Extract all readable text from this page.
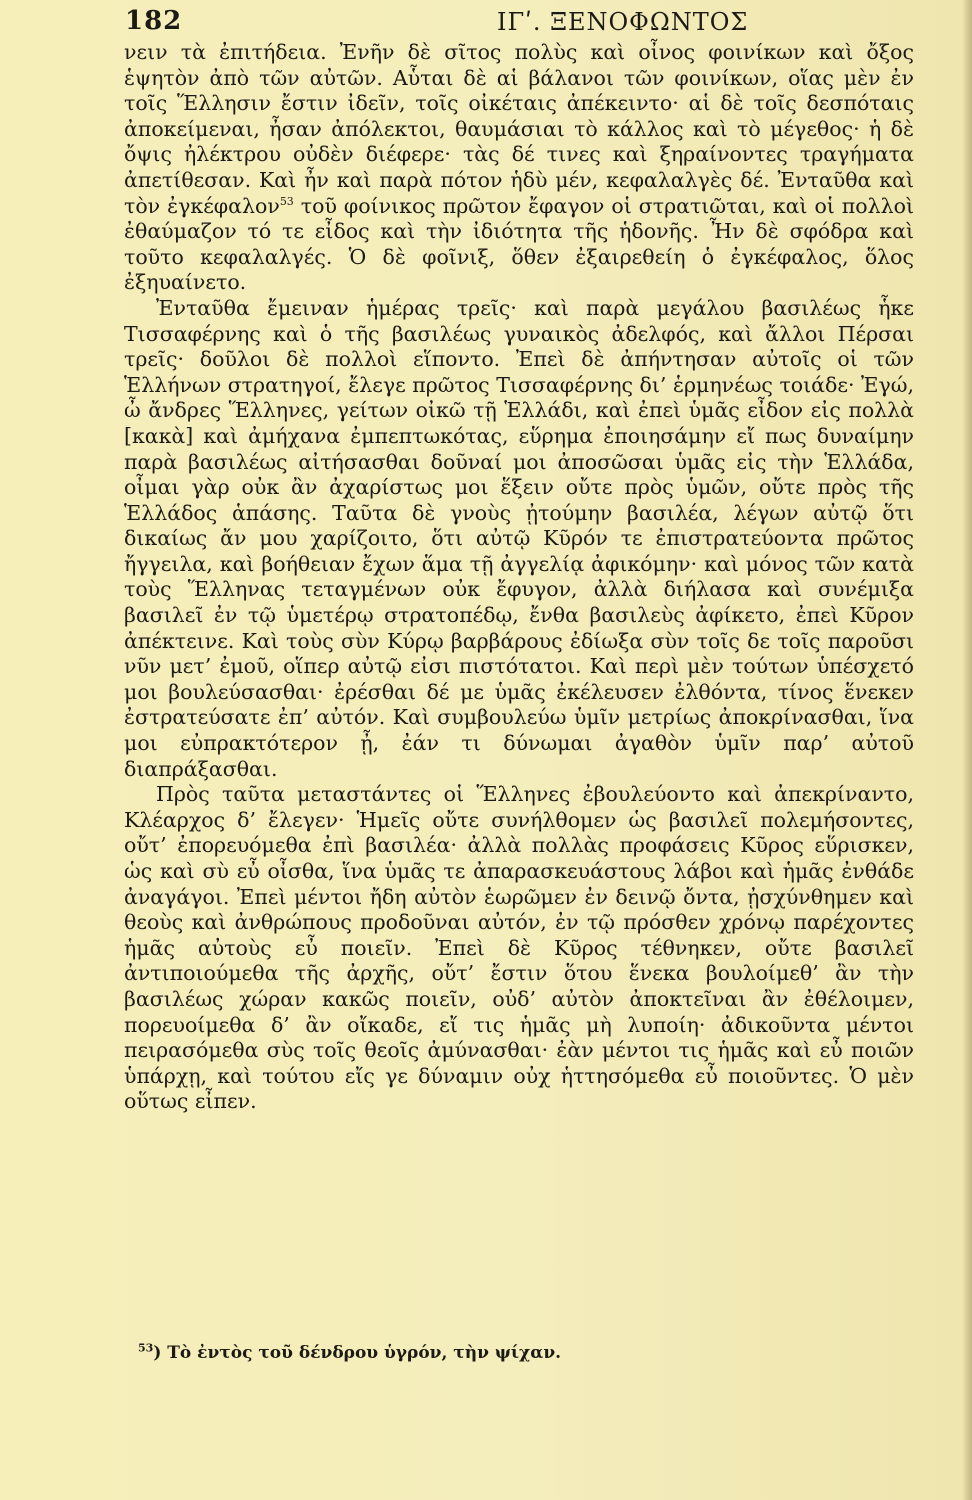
182	ΙΓʹ. ΞΕΝΟΦΩΝΤΟΣ

νειν τὰ ἐπιτήδεια. Ἐνῆν δὲ σῖτος πολὺς καὶ οἶνος φοινίκων καὶ ὄξος ἑψητὸν ἀπὸ τῶν αὐτῶν. Αὗται δὲ αἱ βάλανοι τῶν φοινίκων, οἵας μὲν ἐν τοῖς Ἕλλησιν ἔστιν ἰδεῖν, τοῖς οἰκέταις ἀπέκειντο· αἱ δὲ τοῖς δεσπόταις ἀποκείμεναι, ἦσαν ἀπόλεκτοι, θαυμάσιαι τὸ κάλλος καὶ τὸ μέγεθος· ἡ δὲ ὄψις ἠλέκτρου οὐδὲν διέφερε· τὰς δέ τινες καὶ ξηραίνοντες τραγήματα ἀπετίθεσαν. Καὶ ἦν καὶ παρὰ πότον ἡδὺ μέν, κεφαλαλγὲς δέ. Ἐνταῦθα καὶ τὸν ἐγκέφαλον$^{53}$ τοῦ φοίνικος πρῶτον ἔφαγον οἱ στρατιῶται, καὶ οἱ πολλοὶ ἐθαύμαζον τό τε εἶδος καὶ τὴν ἰδιότητα τῆς ἡδονῆς. Ἦν δὲ σφόδρα καὶ τοῦτο κεφαλαλγές. Ὁ δὲ φοῖνιξ, ὅθεν ἐξαιρεθείη ὁ ἐγκέφαλος, ὅλος ἐξηυαίνετο.

Ἐνταῦθα ἔμειναν ἡμέρας τρεῖς· καὶ παρὰ μεγάλου βασιλέως ἧκε Τισσαφέρνης καὶ ὁ τῆς βασιλέως γυναικὸς ἀδελφός, καὶ ἄλλοι Πέρσαι τρεῖς· δοῦλοι δὲ πολλοὶ εἵποντο. Ἐπεὶ δὲ ἀπήντησαν αὐτοῖς οἱ τῶν Ἑλλήνων στρατηγοί, ἔλεγε πρῶτος Τισσαφέρνης δι’ ἑρμηνέως τοιάδε· Ἐγώ, ὦ ἄνδρες Ἕλληνες, γείτων οἰκῶ τῇ Ἑλλάδι, καὶ ἐπεὶ ὑμᾶς εἶδον εἰς πολλὰ [κακὰ] καὶ ἀμήχανα ἐμπεπτωκότας, εὕρημα ἐποιησάμην εἴ πως δυναίμην παρὰ βασιλέως αἰτήσασθαι δοῦναί μοι ἀποσῶσαι ὑμᾶς εἰς τὴν Ἑλλάδα, οἶμαι γὰρ οὐκ ἂν ἀχαρίστως μοι ἕξειν οὔτε πρὸς ὑμῶν, οὔτε πρὸς τῆς Ἑλλάδος ἁπάσης. Ταῦτα δὲ γνοὺς ᾐτούμην βασιλέα, λέγων αὐτῷ ὅτι δικαίως ἄν μου χαρίζοιτο, ὅτι αὐτῷ Κῦρόν τε ἐπιστρατεύοντα πρῶτος ἤγγειλα, καὶ βοήθειαν ἔχων ἅμα τῇ ἀγγελίᾳ ἀφικόμην· καὶ μόνος τῶν κατὰ τοὺς Ἕλληνας τεταγμένων οὐκ ἔφυγον, ἀλλὰ διήλασα καὶ συνέμιξα βασιλεῖ ἐν τῷ ὑμετέρῳ στρατοπέδῳ, ἔνθα βασιλεὺς ἀφίκετο, ἐπεὶ Κῦρον ἀπέκτεινε. Καὶ τοὺς σὺν Κύρῳ βαρβάρους ἐδίωξα σὺν τοῖς δε τοῖς παροῦσι νῦν μετ’ ἐμοῦ, οἵπερ αὐτῷ εἰσι πιστότατοι. Καὶ περὶ μὲν τούτων ὑπέσχετό μοι βουλεύσασθαι· ἐρέσθαι δέ με ὑμᾶς ἐκέλευσεν ἐλθόντα, τίνος ἕνεκεν ἐστρατεύσατε ἐπ’ αὐτόν. Καὶ συμβουλεύω ὑμῖν μετρίως ἀποκρίνασθαι, ἵνα μοι εὐπρακτότερον ᾖ, ἐάν τι δύνωμαι ἀγαθὸν ὑμῖν παρ’ αὐτοῦ διαπράξασθαι.

Πρὸς ταῦτα μεταστάντες οἱ Ἕλληνες ἐβουλεύοντο καὶ ἀπεκρίναντο, Κλέαρχος δ’ ἔλεγεν· Ἡμεῖς οὔτε συνήλθομεν ὡς βασιλεῖ πολεμήσοντες, οὔτ’ ἐπορευόμεθα ἐπὶ βασιλέα· ἀλλὰ πολλὰς προφάσεις Κῦρος εὕρισκεν, ὡς καὶ σὺ εὖ οἶσθα, ἵνα ὑμᾶς τε ἀπαρασκευάστους λάβοι καὶ ἡμᾶς ἐνθάδε ἀναγάγοι. Ἐπεὶ μέντοι ἤδη αὐτὸν ἑωρῶμεν ἐν δεινῷ ὄντα, ᾐσχύνθημεν καὶ θεοὺς καὶ ἀνθρώπους προδοῦναι αὐτόν, ἐν τῷ πρόσθεν χρόνῳ παρέχοντες ἡμᾶς αὐτοὺς εὖ ποιεῖν. Ἐπεὶ δὲ Κῦρος τέθνηκεν, οὔτε βασιλεῖ ἀντιποιούμεθα τῆς ἀρχῆς, οὔτ’ ἔστιν ὅτου ἕνεκα βουλοίμεθ’ ἂν τὴν βασιλέως χώραν κακῶς ποιεῖν, οὐδ’ αὐτὸν ἀποκτεῖναι ἂν ἐθέλοιμεν, πορευοίμεθα δ’ ἂν οἴκαδε, εἴ τις ἡμᾶς μὴ λυποίη· ἀδικοῦντα μέντοι πειρασόμεθα σὺς τοῖς θεοῖς ἀμύνασθαι· ἐὰν μέντοι τις ἡμᾶς καὶ εὖ ποιῶν ὑπάρχῃ, καὶ τούτου εἴς γε δύναμιν οὐχ ἡττησόμεθα εὖ ποιοῦντες. Ὁ μὲν οὕτως εἶπεν.

$^{53}$) Τὸ ἐντὸς τοῦ δένδρου ὑγρόν, τὴν ψίχαν.
